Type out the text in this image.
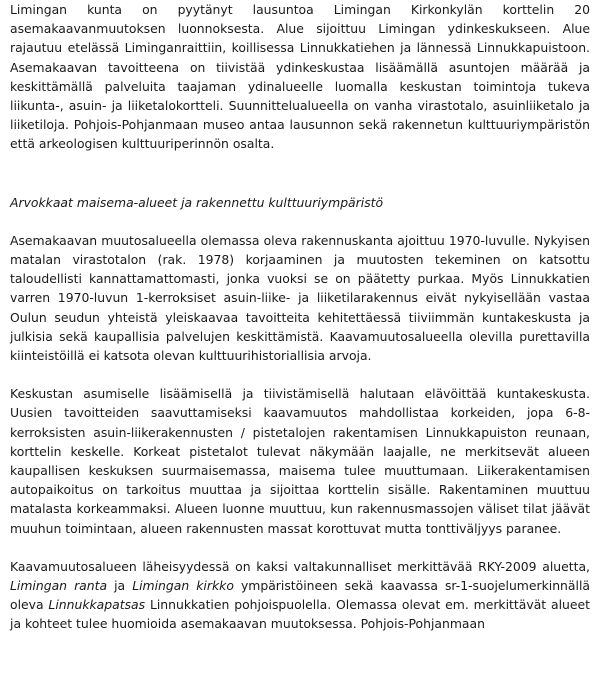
Limingan kunta on pyytänyt lausuntoa Limingan Kirkonkylän korttelin 20 asemakaavanmuutoksen luonnoksesta. Alue sijoittuu Limingan ydinkeskukseen. Alue rajautuu etelässä Liminganraittiin, koillisessa Linnukkatiehen ja lännessä Linnukkapuistoon. Asemakaavan tavoitteena on tiivistää ydinkeskustaa lisäämällä asuntojen määrää ja keskittämällä palveluita taajaman ydinalueelle luomalla keskustan toimintoja tukeva liikunta-, asuin- ja liiketalokortteli. Suunnittelualueella on vanha virastotalo, asuinliiketalo ja liiketiloja. Pohjois-Pohjanmaan museo antaa lausunnon sekä rakennetun kulttuuriympäristön että arkeologisen kulttuuriperinnön osalta.

Arvokkaat maisema-alueet ja rakennettu kulttuuriympäristö

Asemakaavan muutosalueella olemassa oleva rakennuskanta ajoittuu 1970-luvulle. Nykyisen matalan virastotalon (rak. 1978) korjaaminen ja muutosten tekeminen on katsottu taloudellisti kannattamattomasti, jonka vuoksi se on päätetty purkaa. Myös Linnukkatien varren 1970-luvun 1-kerroksiset asuin-liike- ja liiketilarakennus eivät nykyisellään vastaa Oulun seudun yhteistä yleiskaavaa tavoitteita kehitettäessä tiiviimmän kuntakeskusta ja julkisia sekä kaupallisia palvelujen keskittämistä. Kaavamuutosalueella olevilla purettavilla kiinteistöillä ei katsota olevan kulttuurihistoriallisia arvoja.

Keskustan asumiselle lisäämisellä ja tiivistämisellä halutaan elävöittää kuntakeskusta. Uusien tavoitteiden saavuttamiseksi kaavamuutos mahdollistaa korkeiden, jopa 6-8-kerroksisten asuin-liikerakennusten / pistetalojen rakentamisen Linnukkapuiston reunaan, korttelin keskelle. Korkeat pistetalot tulevat näkymään laajalle, ne merkitsevät alueen kaupallisen keskuksen suurmaisemassa, maisema tulee muuttumaan. Liikerakentamisen autopaikoitus on tarkoitus muuttaa ja sijoittaa korttelin sisälle. Rakentaminen muuttuu matalasta korkeammaksi. Alueen luonne muuttuu, kun rakennusmassojen väliset tilat jäävät muuhun toimintaan, alueen rakennusten massat korottuvat mutta tonttiväljyys paranee.

Kaavamuutosalueen läheisyydessä on kaksi valtakunnalliset merkittävää RKY-2009 aluetta, Limingan ranta ja Limingan kirkko ympäristöineen sekä kaavassa sr-1-suojelumerkinnällä oleva Linnukkapatsas Linnukkatien pohjoispuolella. Olemassa olevat em. merkittävät alueet ja kohteet tulee huomioida asemakaavan muutoksessa. Pohjois-Pohjanmaan
